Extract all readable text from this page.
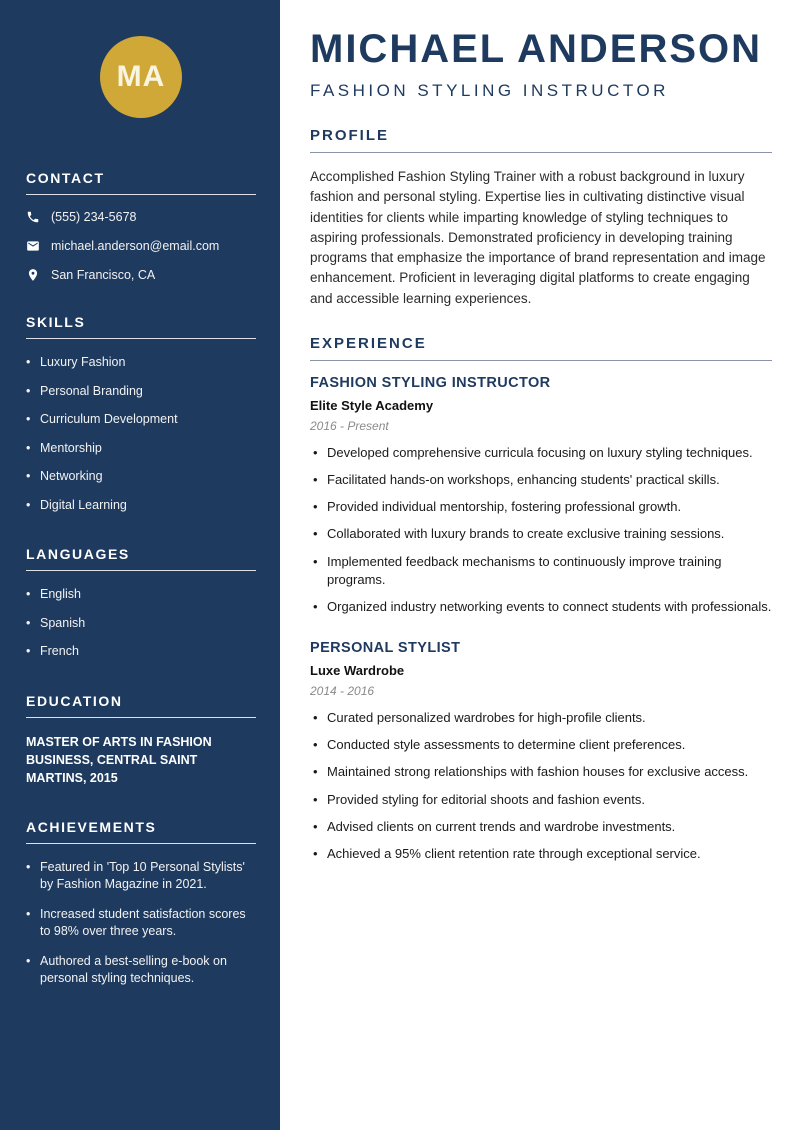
MA
CONTACT
(555) 234-5678
michael.anderson@email.com
San Francisco, CA
SKILLS
• Luxury Fashion
• Personal Branding
• Curriculum Development
• Mentorship
• Networking
• Digital Learning
LANGUAGES
• English
• Spanish
• French
EDUCATION

MASTER OF ARTS IN FASHION BUSINESS, CENTRAL SAINT MARTINS, 2015

ACHIEVEMENTS
• Featured in 'Top 10 Personal Stylists' by Fashion Magazine in 2021.
• Increased student satisfaction scores to 98% over three years.
• Authored a best-selling e-book on personal styling techniques.
MICHAEL ANDERSON
FASHION STYLING INSTRUCTOR
PROFILE

Accomplished Fashion Styling Trainer with a robust background in luxury fashion and personal styling. Expertise lies in cultivating distinctive visual identities for clients while imparting knowledge of styling techniques to aspiring professionals. Demonstrated proficiency in developing training programs that emphasize the importance of brand representation and image enhancement. Proficient in leveraging digital platforms to create engaging and accessible learning experiences.

EXPERIENCE
FASHION STYLING INSTRUCTOR
Elite Style Academy
2016 - Present
• Developed comprehensive curricula focusing on luxury styling techniques.
• Facilitated hands-on workshops, enhancing students' practical skills.
• Provided individual mentorship, fostering professional growth.
• Collaborated with luxury brands to create exclusive training sessions.
• Implemented feedback mechanisms to continuously improve training programs.
• Organized industry networking events to connect students with professionals.
PERSONAL STYLIST
Luxe Wardrobe
2014 - 2016
• Curated personalized wardrobes for high-profile clients.
• Conducted style assessments to determine client preferences.
• Maintained strong relationships with fashion houses for exclusive access.
• Provided styling for editorial shoots and fashion events.
• Advised clients on current trends and wardrobe investments.
• Achieved a 95% client retention rate through exceptional service.
